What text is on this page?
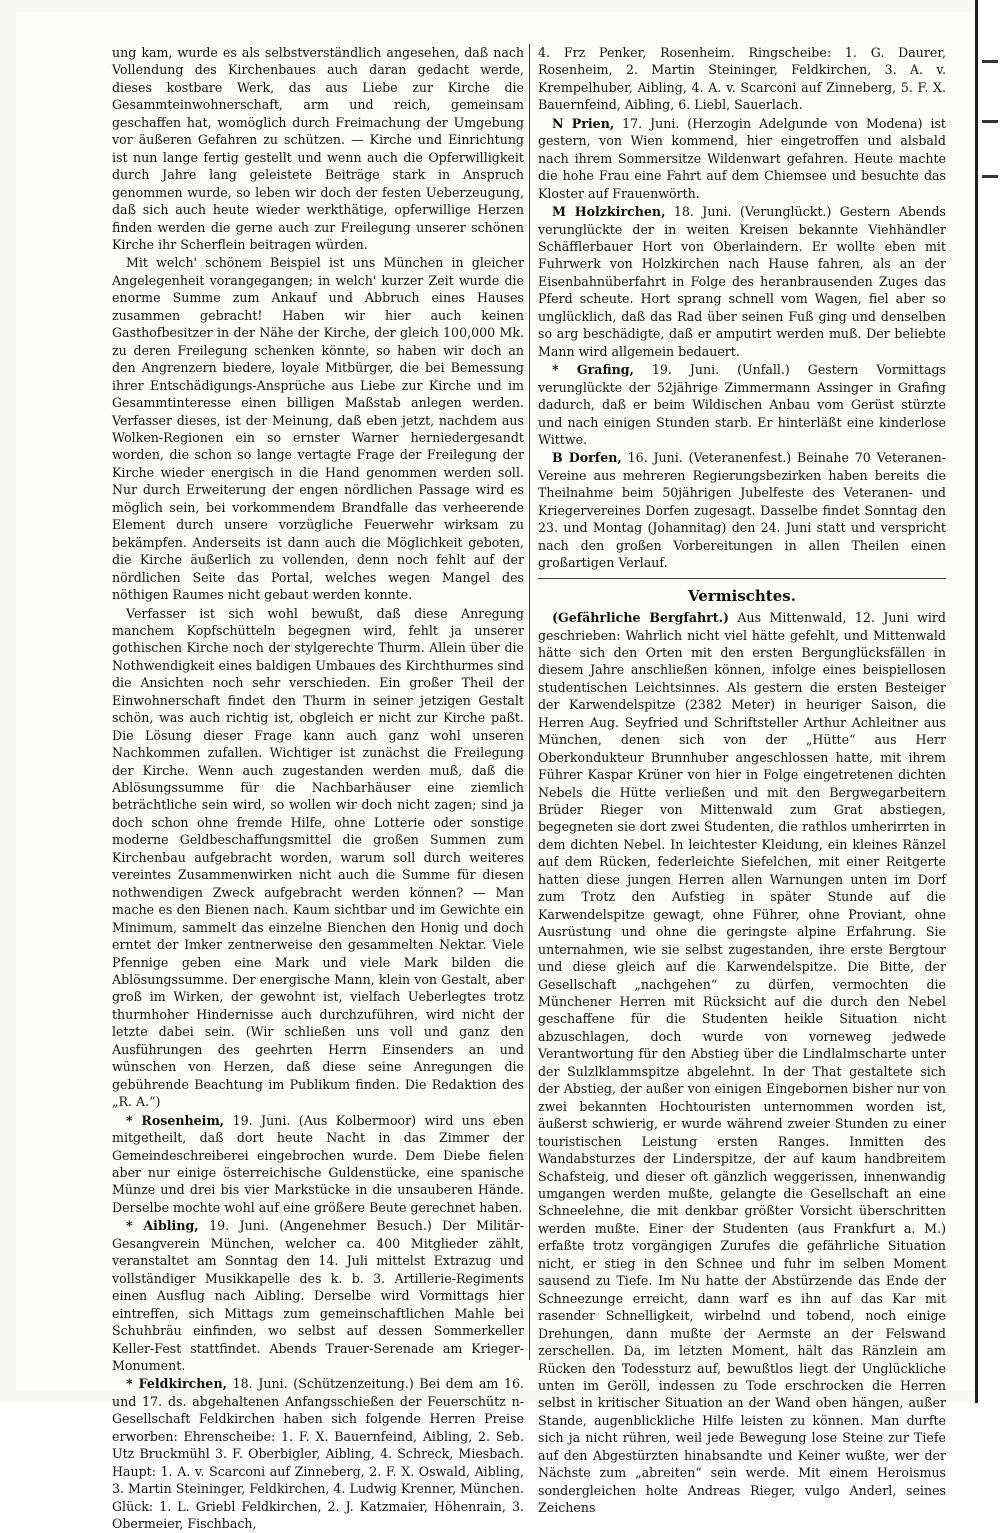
ung kam, wurde es als selbstverständlich angesehen, daß nach Vollendung des Kirchenbaues auch daran gedacht werde, dieses kostbare Werk, das aus Liebe zur Kirche die Gesammteinwohnerschaft, arm und reich, gemeinsam geschaffen hat, womöglich durch Freimachung der Umgebung vor äußeren Gefahren zu schützen. — Kirche und Einrichtung ist nun lange fertig gestellt und wenn auch die Opferwilligkeit durch Jahre lang geleistete Beiträge stark in Anspruch genommen wurde, so leben wir doch der festen Ueberzeugung, daß sich auch heute wieder werkthätige, opferwillige Herzen finden werden die gerne auch zur Freilegung unserer schönen Kirche ihr Scherflein beitragen würden.

Mit welch' schönem Beispiel ist uns München in gleicher Angelegenheit vorangegangen; in welch' kurzer Zeit wurde die enorme Summe zum Ankauf und Abbruch eines Hauses zusammen gebracht! Haben wir hier auch keinen Gasthofbesitzer in der Nähe der Kirche, der gleich 100,000 Mk. zu deren Freilegung schenken könnte, so haben wir doch an den Angrenzern biedere, loyale Mitbürger, die bei Bemessung ihrer Entschädigungs-Ansprüche aus Liebe zur Kirche und im Gesammtinteresse einen billigen Maßstab anlegen werden. Verfasser dieses, ist der Meinung, daß eben jetzt, nachdem aus Wolken-Regionen ein so ernster Warner herniedergesandt worden, die schon so lange vertagte Frage der Freilegung der Kirche wieder energisch in die Hand genommen werden soll. Nur durch Erweiterung der engen nördlichen Passage wird es möglich sein, bei vorkommendem Brandfalle das verheerende Element durch unsere vorzügliche Feuerwehr wirksam zu bekämpfen. Anderseits ist dann auch die Möglichkeit geboten, die Kirche äußerlich zu vollenden, denn noch fehlt auf der nördlichen Seite das Portal, welches wegen Mangel des nöthigen Raumes nicht gebaut werden konnte.

Verfasser ist sich wohl bewußt, daß diese Anregung manchem Kopfschütteln begegnen wird, fehlt ja unserer gothischen Kirche noch der stylgerechte Thurm. Allein über die Nothwendigkeit eines baldigen Umbaues des Kirchthurmes sind die Ansichten noch sehr verschieden. Ein großer Theil der Einwohnerschaft findet den Thurm in seiner jetzigen Gestalt schön, was auch richtig ist, obgleich er nicht zur Kirche paßt. Die Lösung dieser Frage kann auch ganz wohl unseren Nachkommen zufallen. Wichtiger ist zunächst die Freilegung der Kirche. Wenn auch zugestanden werden muß, daß die Ablösungssumme für die Nachbarhäuser eine ziemlich beträchtliche sein wird, so wollen wir doch nicht zagen; sind ja doch schon ohne fremde Hilfe, ohne Lotterie oder sonstige moderne Geldbeschaffungsmittel die großen Summen zum Kirchenbau aufgebracht worden, warum soll durch weiteres vereintes Zusammenwirken nicht auch die Summe für diesen nothwendigen Zweck aufgebracht werden können? — Man mache es den Bienen nach. Kaum sichtbar und im Gewichte ein Minimum, sammelt das einzelne Bienchen den Honig und doch erntet der Imker zentnerweise den gesammelten Nektar. Viele Pfennige geben eine Mark und viele Mark bilden die Ablösungssumme. Der energische Mann, klein von Gestalt, aber groß im Wirken, der gewohnt ist, vielfach Ueberlegtes trotz thurmhoher Hindernisse auch durchzuführen, wird nicht der letzte dabei sein. (Wir schließen uns voll und ganz den Ausführungen des geehrten Herrn Einsenders an und wünschen von Herzen, daß diese seine Anregungen die gebührende Beachtung im Publikum finden. Die Redaktion des „R. A.“)

* Rosenheim, 19. Juni. (Aus Kolbermoor) wird uns eben mitgetheilt, daß dort heute Nacht in das Zimmer der Gemeindeschreiberei eingebrochen wurde. Dem Diebe fielen aber nur einige österreichische Guldenstücke, eine spanische Münze und drei bis vier Markstücke in die unsauberen Hände. Derselbe mochte wohl auf eine größere Beute gerechnet haben.

* Aibling, 19. Juni. (Angenehmer Besuch.) Der Militär-Gesangverein München, welcher ca. 400 Mitglieder zählt, veranstaltet am Sonntag den 14. Juli mittelst Extrazug und vollständiger Musikkapelle des k. b. 3. Artillerie-Regiments einen Ausflug nach Aibling. Derselbe wird Vormittags hier eintreffen, sich Mittags zum gemeinschaftlichen Mahle bei Schuhbräu einfinden, wo selbst auf dessen Sommerkeller Keller-Fest stattfindet. Abends Trauer-Serenade am Krieger-Monument.

* Feldkirchen, 18. Juni. (Schützenzeitung.) Bei dem am 16. und 17. ds. abgehaltenen Anfangsschießen der Feuerschütz n-Gesellschaft Feldkirchen haben sich folgende Herren Preise erworben: Ehrenscheibe: 1. F. X. Bauernfeind, Aibling, 2. Seb. Utz Bruckmühl 3. F. Oberbigler, Aibling, 4. Schreck, Miesbach. Haupt: 1. A. v. Scarconi auf Zinneberg, 2. F. X. Oswald, Aibling, 3. Martin Steininger, Feldkirchen, 4. Ludwig Krenner, München. Glück: 1. L. Griebl Feldkirchen, 2. J. Katzmaier, Höhenrain, 3. Obermeier, Fischbach,

4. Frz Penker, Rosenheim. Ringscheibe: 1. G. Daurer, Rosenheim, 2. Martin Steininger, Feldkirchen, 3. A. v. Krempelhuber, Aibling, 4. A. v. Scarconi auf Zinneberg, 5. F. X. Bauernfeind, Aibling, 6. Liebl, Sauerlach.

N Prien, 17. Juni. (Herzogin Adelgunde von Modena) ist gestern, von Wien kommend, hier eingetroffen und alsbald nach ihrem Sommersitze Wildenwart gefahren. Heute machte die hohe Frau eine Fahrt auf dem Chiemsee und besuchte das Kloster auf Frauenwörth.

M Holzkirchen, 18. Juni. (Verunglückt.) Gestern Abends verunglückte der in weiten Kreisen bekannte Viehhändler Schäfflerbauer Hort von Oberlaindern. Er wollte eben mit Fuhrwerk von Holzkirchen nach Hause fahren, als an der Eisenbahnüberfahrt in Folge des heranbrausenden Zuges das Pferd scheute. Hort sprang schnell vom Wagen, fiel aber so unglücklich, daß das Rad über seinen Fuß ging und denselben so arg beschädigte, daß er amputirt werden muß. Der beliebte Mann wird allgemein bedauert.

* Grafing, 19. Juni. (Unfall.) Gestern Vormittags verunglückte der 52jährige Zimmermann Assinger in Grafing dadurch, daß er beim Wildischen Anbau vom Gerüst stürzte und nach einigen Stunden starb. Er hinterläßt eine kinderlose Wittwe.

B Dorfen, 16. Juni. (Veteranenfest.) Beinahe 70 Veteranen-Vereine aus mehreren Regierungsbezirken haben bereits die Theilnahme beim 50jährigen Jubelfeste des Veteranen- und Kriegervereines Dorfen zugesagt. Dasselbe findet Sonntag den 23. und Montag (Johannitag) den 24. Juni statt und verspricht nach den großen Vorbereitungen in allen Theilen einen großartigen Verlauf.

Vermischtes.

(Gefährliche Bergfahrt.) Aus Mittenwald, 12. Juni wird geschrieben: Wahrlich nicht viel hätte gefehlt, und Mittenwald hätte sich den Orten mit den ersten Bergunglücksfällen in diesem Jahre anschließen können, infolge eines beispiellosen studentischen Leichtsinnes. Als gestern die ersten Besteiger der Karwendelspitze (2382 Meter) in heuriger Saison, die Herren Aug. Seyfried und Schriftsteller Arthur Achleitner aus München, denen sich von der „Hütte“ aus Herr Oberkondukteur Brunnhuber angeschlossen hatte, mit ihrem Führer Kaspar Krüner von hier in Folge eingetretenen dichten Nebels die Hütte verließen und mit den Bergwegarbeitern Brüder Rieger von Mittenwald zum Grat abstiegen, begegneten sie dort zwei Studenten, die rathlos umherirrten in dem dichten Nebel. In leichtester Kleidung, ein kleines Ränzel auf dem Rücken, federleichte Siefelchen, mit einer Reitgerte hatten diese jungen Herren allen Warnungen unten im Dorf zum Trotz den Aufstieg in später Stunde auf die Karwendelspitze gewagt, ohne Führer, ohne Proviant, ohne Ausrüstung und ohne die geringste alpine Erfahrung. Sie unternahmen, wie sie selbst zugestanden, ihre erste Bergtour und diese gleich auf die Karwendelspitze. Die Bitte, der Gesellschaft „nachgehen“ zu dürfen, vermochten die Münchener Herren mit Rücksicht auf die durch den Nebel geschaffene für die Studenten heikle Situation nicht abzuschlagen, doch wurde von vorneweg jedwede Verantwortung für den Abstieg über die Lindlalmscharte unter der Sulzlklammspitze abgelehnt. In der That gestaltete sich der Abstieg, der außer von einigen Eingebornen bisher nur von zwei bekannten Hochtouristen unternommen worden ist, äußerst schwierig, er wurde während zweier Stunden zu einer touristischen Leistung ersten Ranges. Inmitten des Wandabsturzes der Linderspitze, der auf kaum handbreitem Schafsteig, und dieser oft gänzlich weggerissen, innenwandig umgangen werden mußte, gelangte die Gesellschaft an eine Schneelehne, die mit denkbar größter Vorsicht überschritten werden mußte. Einer der Studenten (aus Frankfurt a. M.) erfaßte trotz vorgängigen Zurufes die gefährliche Situation nicht, er stieg in den Schnee und fuhr im selben Moment sausend zu Tiefe. Im Nu hatte der Abstürzende das Ende der Schneezunge erreicht, dann warf es ihn auf das Kar mit rasender Schnelligkeit, wirbelnd und tobend, noch einige Drehungen, dann mußte der Aermste an der Felswand zerschellen. Da, im letzten Moment, hält das Ränzlein am Rücken den Todessturz auf, bewußtlos liegt der Unglückliche unten im Geröll, indessen zu Tode erschrocken die Herren selbst in kritischer Situation an der Wand oben hängen, außer Stande, augenblickliche Hilfe leisten zu können. Man durfte sich ja nicht rühren, weil jede Bewegung lose Steine zur Tiefe auf den Abgestürzten hinabsandte und Keiner wußte, wer der Nächste zum „abreiten“ sein werde. Mit einem Heroismus sondergleichen holte Andreas Rieger, vulgo Anderl, seines Zeichens
